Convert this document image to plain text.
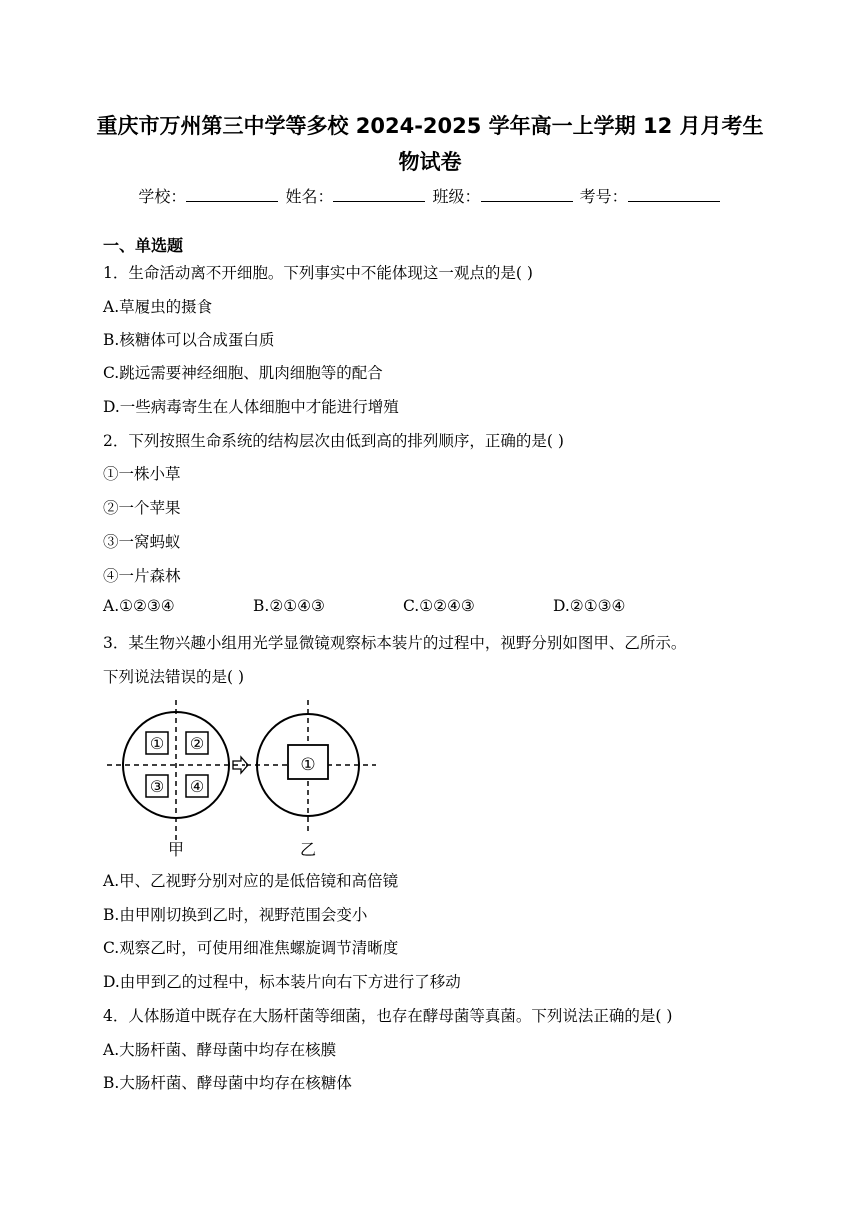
重庆市万州第三中学等多校 2024-2025 学年高一上学期 12 月月考生
物试卷
学校：	姓名：	班级：	考号：
一、单选题
1．生命活动离不开细胞。下列事实中不能体现这一观点的是( )
A.草履虫的摄食
B.核糖体可以合成蛋白质
C.跳远需要神经细胞、肌肉细胞等的配合
D.一些病毒寄生在人体细胞中才能进行增殖
2．下列按照生命系统的结构层次由低到高的排列顺序，正确的是( )
①一株小草
②一个苹果
③一窝蚂蚁
④一片森林
A.①②③④	B.②①④③	C.①②④③	D.②①③④
3．某生物兴趣小组用光学显微镜观察标本装片的过程中，视野分别如图甲、乙所示。
下列说法错误的是( )
① ②
③ ④
甲
①
乙
A.甲、乙视野分别对应的是低倍镜和高倍镜
B.由甲刚切换到乙时，视野范围会变小
C.观察乙时，可使用细准焦螺旋调节清晰度
D.由甲到乙的过程中，标本装片向右下方进行了移动
4．人体肠道中既存在大肠杆菌等细菌，也存在酵母菌等真菌。下列说法正确的是( )
A.大肠杆菌、酵母菌中均存在核膜
B.大肠杆菌、酵母菌中均存在核糖体
